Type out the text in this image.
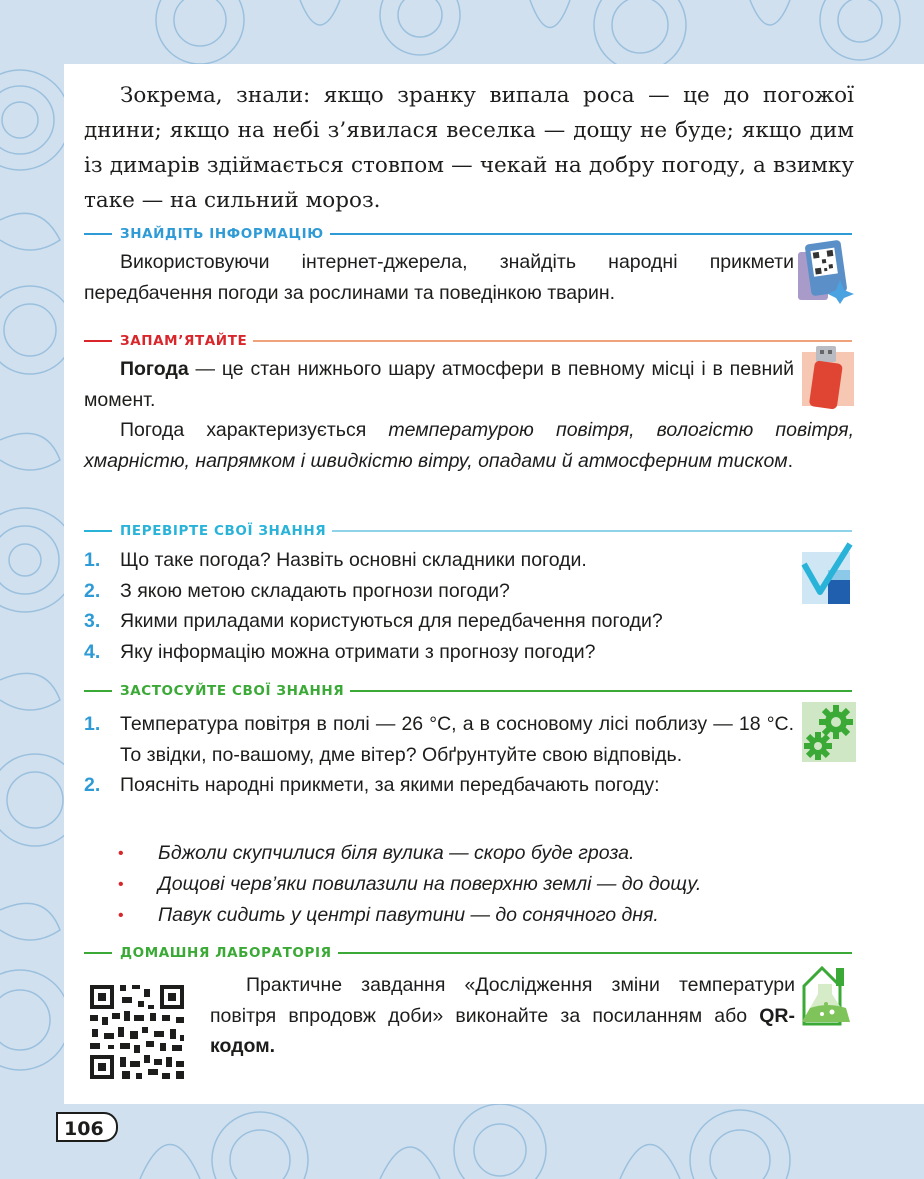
Зокрема, знали: якщо зранку випала роса — це до погожої днини; якщо на небі з’явилася веселка — дощу не буде; якщо дим із димарів здіймається стовпом — чекай на добру погоду, а взимку таке — на сильний мороз.

ЗНАЙДІТЬ ІНФОРМАЦІЮ

Використовуючи інтернет-джерела, знайдіть народні прикмети передбачення погоди за рослинами та поведінкою тварин.

ЗАПАМ’ЯТАЙТЕ

Погода — це стан нижнього шару атмосфери в певному місці і в певний момент.

Погода характеризується температурою повітря, вологістю повітря, хмарністю, напрямком і швидкістю вітру, опадами й атмосферним тиском.

ПЕРЕВІРТЕ СВОЇ ЗНАННЯ
1.	Що таке погода? Назвіть основні складники погоди.
2.	З якою метою складають прогнози погоди?
3.	Якими приладами користуються для передбачення погоди?
4.	Яку інформацію можна отримати з прогнозу погоди?
ЗАСТОСУЙТЕ СВОЇ ЗНАННЯ
1.	Температура повітря в полі — 26 °C, а в сосновому лісі поблизу — 18 °C. То звідки, по-вашому, дме вітер? Обґрунтуйте свою відповідь.
2.	Поясніть народні прикмети, за якими передбачають погоду:
•	Бджоли скупчилися біля вулика — скоро буде гроза.
•	Дощові черв’яки повилазили на поверхню землі — до дощу.
•	Павук сидить у центрі павутини — до сонячного дня.
ДОМАШНЯ ЛАБОРАТОРІЯ

Практичне завдання «Дослідження зміни температури повітря впродовж доби» виконайте за посиланням або QR-кодом.

106
